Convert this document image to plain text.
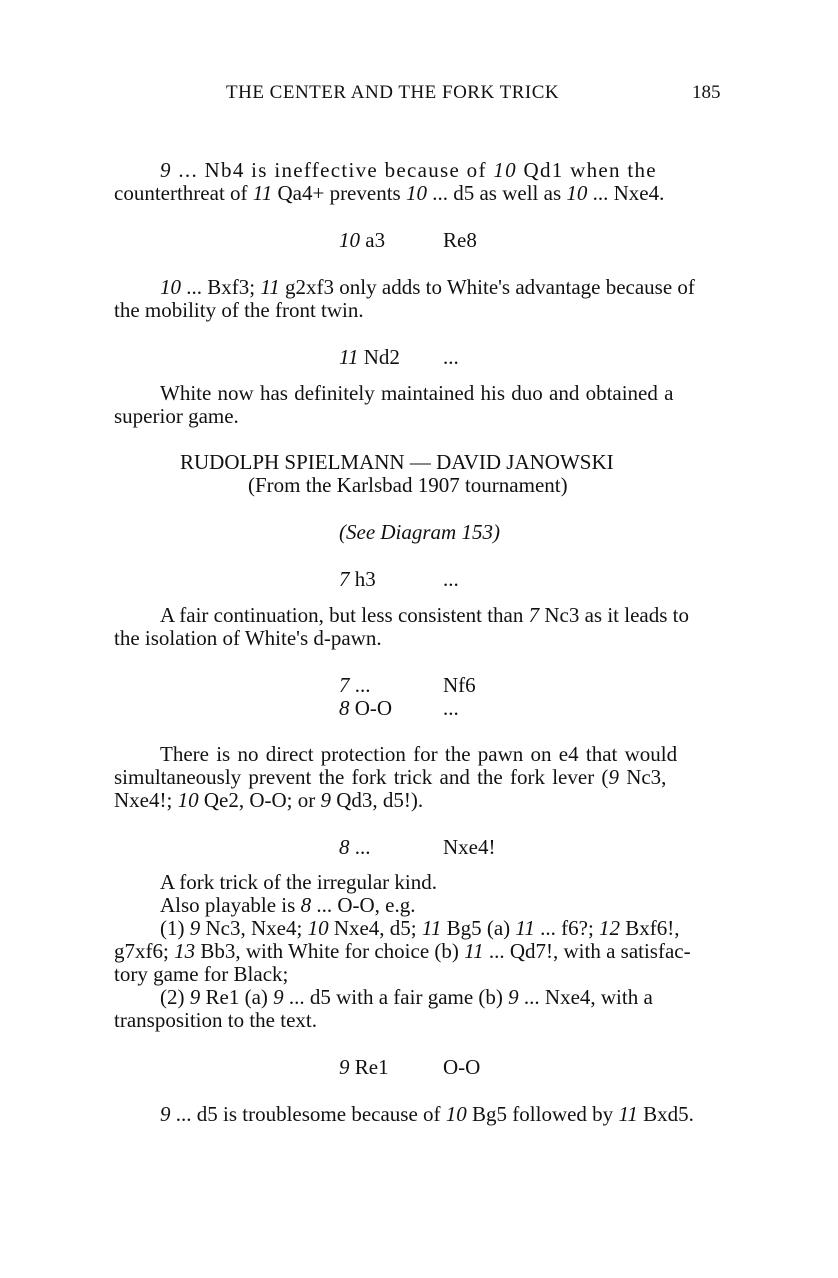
THE CENTER AND THE FORK TRICK	185
9 ... Nb4 is ineffective because of 10 Qd1 when the
counterthreat of 11 Qa4+ prevents 10 ... d5 as well as 10 ... Nxe4.
10 a3	Re8
10 ... Bxf3; 11 g2xf3 only adds to White's advantage because of
the mobility of the front twin.
11 Nd2 ...
White now has definitely maintained his duo and obtained a
superior game.
RUDOLPH SPIELMANN — DAVID JANOWSKI
(From the Karlsbad 1907 tournament)
(See Diagram 153)
7 h3	...
A fair continuation, but less consistent than 7 Nc3 as it leads to
the isolation of White's d-pawn.
7 ...	Nf6
8 O-O ...
There is no direct protection for the pawn on e4 that would
simultaneously prevent the fork trick and the fork lever (9 Nc3,
Nxe4!; 10 Qe2, O-O; or 9 Qd3, d5!).
8 ...	Nxe4!
A fork trick of the irregular kind.
Also playable is 8 ... O-O, e.g.
(1) 9 Nc3, Nxe4; 10 Nxe4, d5; 11 Bg5 (a) 11 ... f6?; 12 Bxf6!,
g7xf6; 13 Bb3, with White for choice (b) 11 ... Qd7!, with a satisfac-
tory game for Black;
(2) 9 Re1 (a) 9 ... d5 with a fair game (b) 9 ... Nxe4, with a
transposition to the text.
9 Re1	O-O
9 ... d5 is troublesome because of 10 Bg5 followed by 11 Bxd5.
